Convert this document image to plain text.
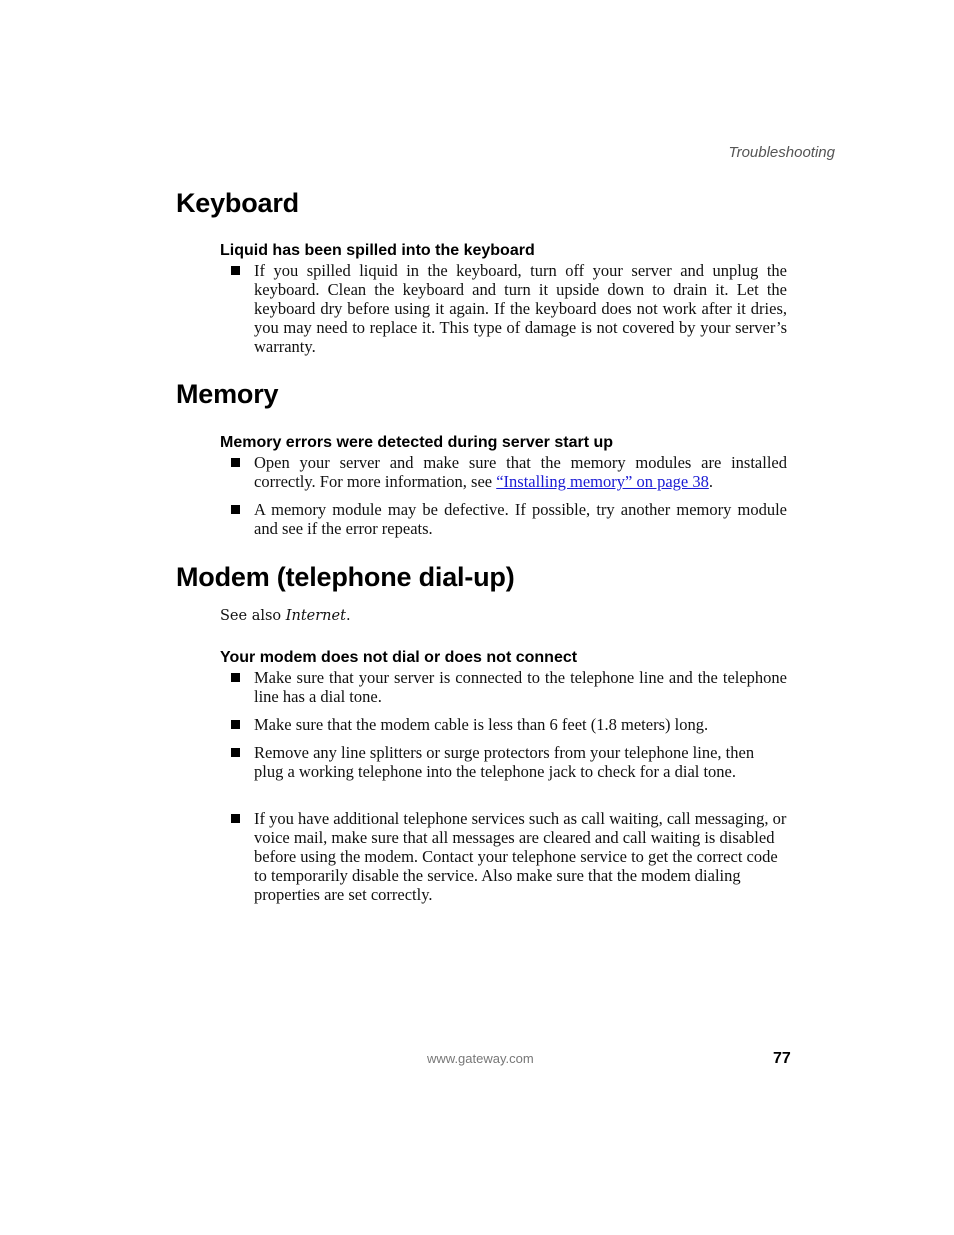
Troubleshooting
Keyboard
Liquid has been spilled into the keyboard
If you spilled liquid in the keyboard, turn off your server and unplug the keyboard. Clean the keyboard and turn it upside down to drain it. Let the keyboard dry before using it again. If the keyboard does not work after it dries, you may need to replace it. This type of damage is not covered by your server’s warranty.
Memory
Memory errors were detected during server start up
Open your server and make sure that the memory modules are installed correctly. For more information, see “Installing memory” on page 38.
A memory module may be defective. If possible, try another memory module and see if the error repeats.
Modem (telephone dial-up)

See also Internet.

Your modem does not dial or does not connect
Make sure that your server is connected to the telephone line and the telephone line has a dial tone.
Make sure that the modem cable is less than 6 feet (1.8 meters) long.
Remove any line splitters or surge protectors from your telephone line, then plug a working telephone into the telephone jack to check for a dial tone.
If you have additional telephone services such as call waiting, call messaging, or voice mail, make sure that all messages are cleared and call waiting is disabled before using the modem. Contact your telephone service to get the correct code to temporarily disable the service. Also make sure that the modem dialing properties are set correctly.
www.gateway.com	77
